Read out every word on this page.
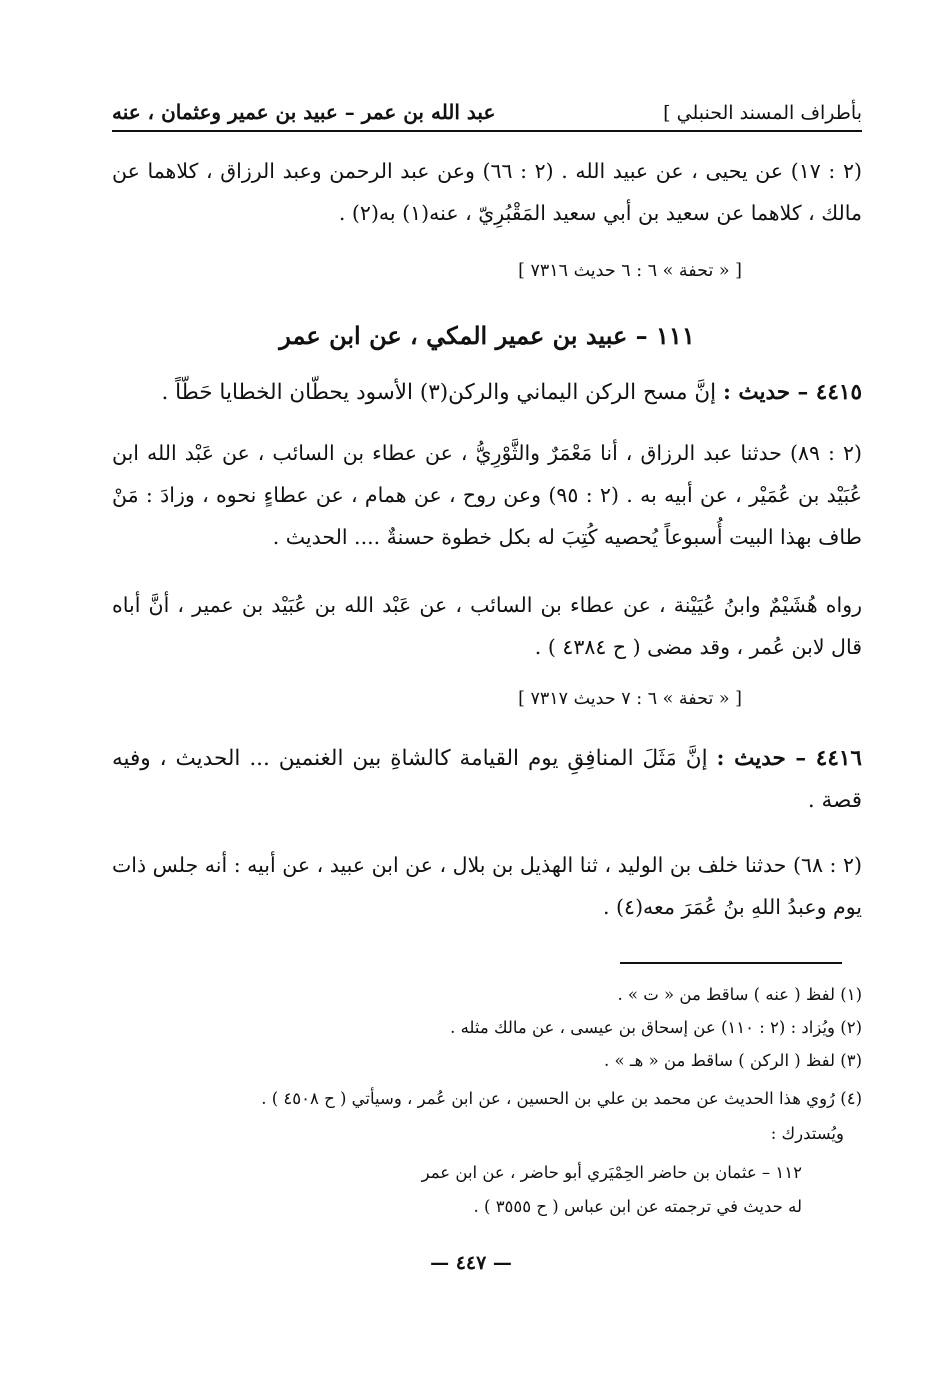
بأطراف المسند الحنبلي ]
عبد الله بن عمر – عبيد بن عمير وعثمان ، عنه
(٢ : ١٧) عن يحيى ، عن عبيد الله . (٢ : ٦٦) وعن عبد الرحمن وعبد الرزاق ، كلاهما عن مالك ، كلاهما عن سعيد بن أبي سعيد المَقْبُرِيّ ، عنه(١) به(٢) .
[ « تحفة » ٦ : ٦ حديث ٧٣١٦ ]
١١١ – عبيد بن عمير المكي ، عن ابن عمر
٤٤١٥ – حديث : إنَّ مسح الركن اليماني والركن(٣) الأسود يحطّان الخطايا حَطّاً .
(٢ : ٨٩) حدثنا عبد الرزاق ، أنا مَعْمَرٌ والثَّوْرِيُّ ، عن عطاء بن السائب ، عن عَبْد الله ابن عُبَيْد بن عُمَيْر ، عن أبيه به . (٢ : ٩٥) وعن روح ، عن همام ، عن عطاءٍ نحوه ، وزادَ : مَنْ طاف بهذا البيت أُسبوعاً يُحصيه كُتِبَ له بكل خطوة حسنةٌ .... الحديث .
رواه هُشَيْمٌ وابنُ عُيَيْنة ، عن عطاء بن السائب ، عن عَبْد الله بن عُبَيْد بن عمير ، أنَّ أباه قال لابن عُمر ، وقد مضى ( ح ٤٣٨٤ ) .
[ « تحفة » ٦ : ٧ حديث ٧٣١٧ ]
٤٤١٦ – حديث : إنَّ مَثَلَ المنافِقِ يوم القيامة كالشاةِ بين الغنمين ... الحديث ، وفيه قصة .
(٢ : ٦٨) حدثنا خلف بن الوليد ، ثنا الهذيل بن بلال ، عن ابن عبيد ، عن أبيه : أنه جلس ذات يوم وعبدُ اللهِ بنُ عُمَرَ معه(٤) .
(١) لفظ ( عنه ) ساقط من « ت » .
(٢) ويُزاد : (٢ : ١١٠) عن إسحاق بن عيسى ، عن مالك مثله .
(٣) لفظ ( الركن ) ساقط من « هـ » .
(٤) رُوي هذا الحديث عن محمد بن علي بن الحسين ، عن ابن عُمر ، وسيأتي ( ح ٤٥٠٨ ) .
ويُستدرك :
١١٢ – عثمان بن حاضر الحِمْيَري أبو حاضر ، عن ابن عمر
له حديث في ترجمته عن ابن عباس ( ح ٣٥٥٥ ) .
— ٤٤٧ —
